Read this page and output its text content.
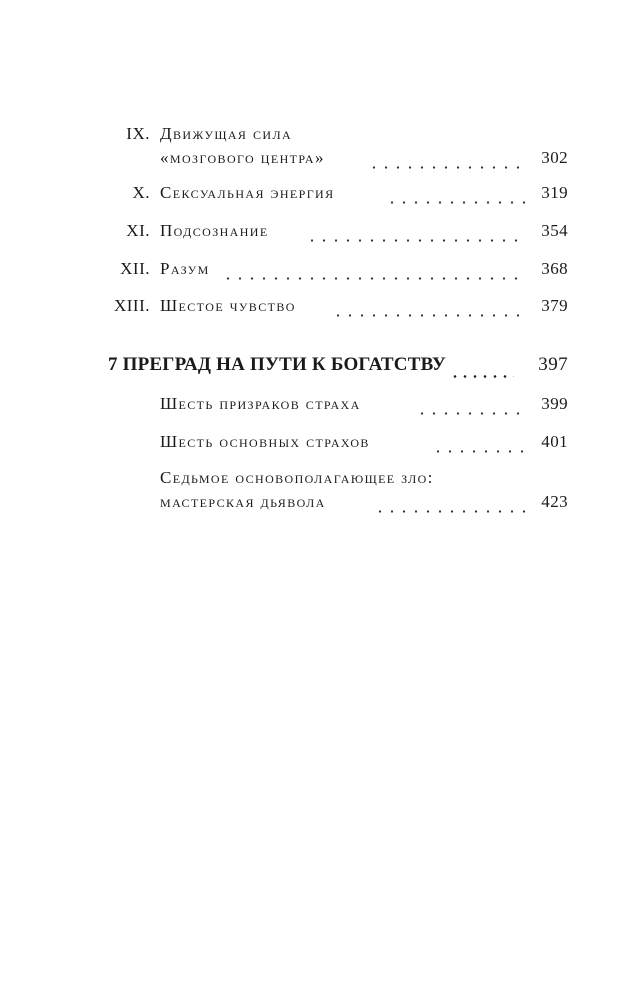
IX. Движущая сила
«мозгового центра»	302
X. Сексуальная энергия	319
XI. Подсознание	354
XII. Разум	368
XIII. Шестое чувство	379
7 ПРЕГРАД НА ПУТИ К БОГАТСТВУ	397
Шесть призраков страха	399
Шесть основных страхов	401
Седьмое основополагающее зло:
мастерская дьявола	423
